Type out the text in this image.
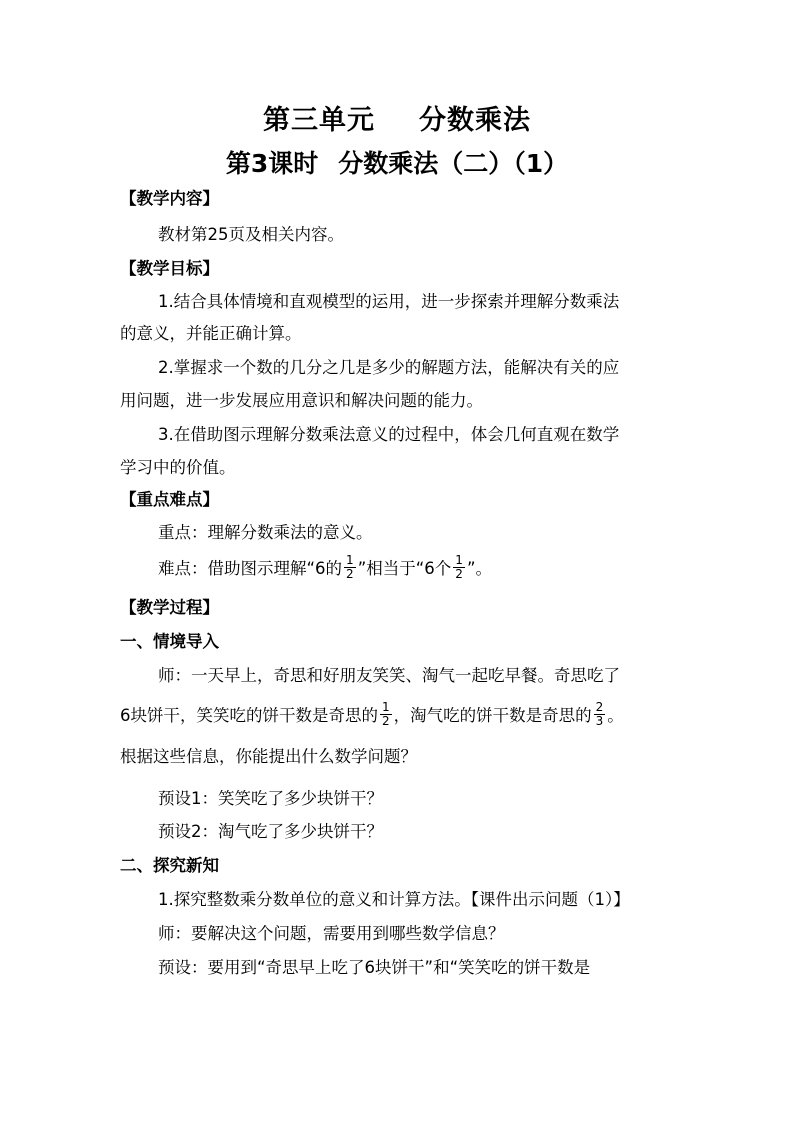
第三单元 分数乘法
第3课时 分数乘法（二）（1）
【教学内容】
教材第25页及相关内容。
【教学目标】
1.结合具体情境和直观模型的运用，进一步探索并理解分数乘法
的意义，并能正确计算。
2.掌握求一个数的几分之几是多少的解题方法，能解决有关的应
用问题，进一步发展应用意识和解决问题的能力。
3.在借助图示理解分数乘法意义的过程中，体会几何直观在数学
学习中的价值。
【重点难点】
重点：理解分数乘法的意义。
难点：借助图示理解“6的 $\frac{1}{2}$ ”相当于“6个 $\frac{1}{2}$ ”。
【教学过程】
一、情境导入
师：一天早上，奇思和好朋友笑笑、淘气一起吃早餐。奇思吃了
6块饼干，笑笑吃的饼干数是奇思的 $\frac{1}{2}$ ，淘气吃的饼干数是奇思的 $\frac{2}{3}$ 。
根据这些信息，你能提出什么数学问题？
预设1：笑笑吃了多少块饼干？
预设2：淘气吃了多少块饼干？
二、探究新知
1.探究整数乘分数单位的意义和计算方法。【课件出示问题（1）】
师：要解决这个问题，需要用到哪些数学信息？
预设：要用到“奇思早上吃了6块饼干”和“笑笑吃的饼干数是
